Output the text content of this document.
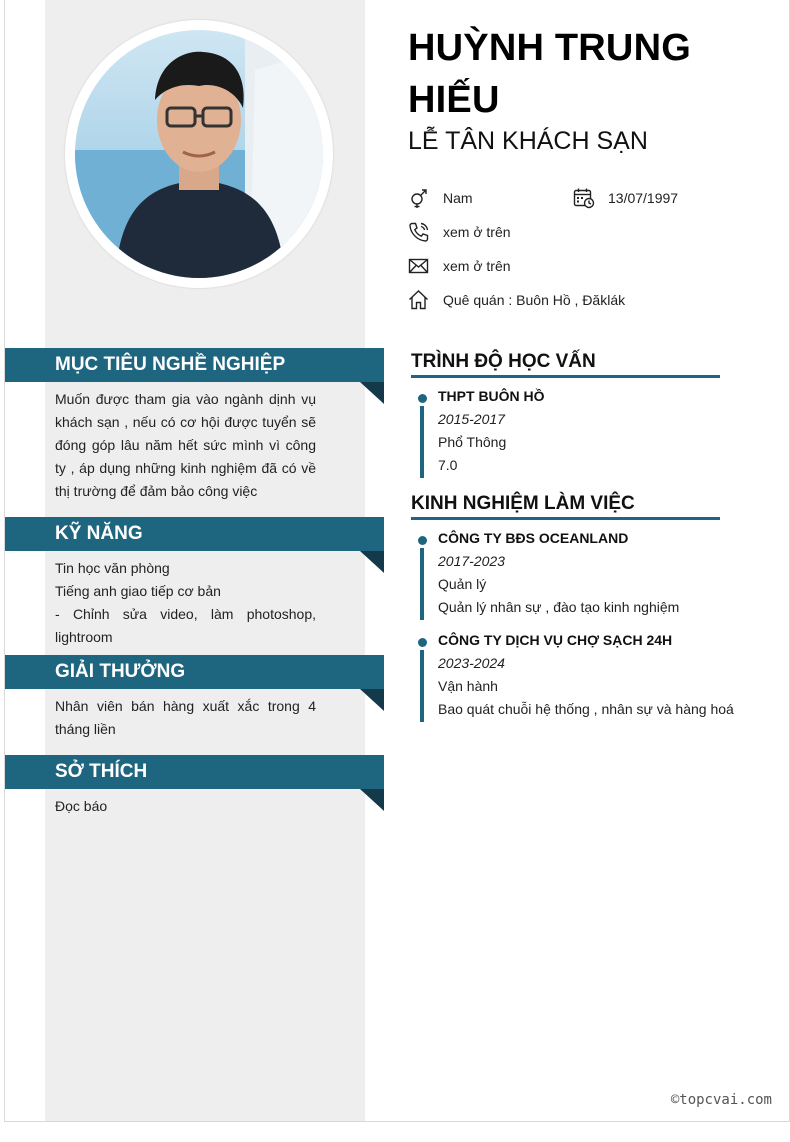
HUỲNH TRUNG HIẾU
LỄ TÂN KHÁCH SẠN
Nam	13/07/1997
xem ở trên
xem ở trên
Quê quán : Buôn Hồ , Đăklák
MỤC TIÊU NGHỀ NGHIỆP
Muốn được tham gia vào ngành dịnh vụ khách sạn , nếu có cơ hội được tuyển sẽ đóng góp lâu năm hết sức mình vì công ty , áp dụng những kinh nghiệm đã có về thị trường để đảm bảo công việc
KỸ NĂNG
Tin học văn phòng
Tiếng anh giao tiếp cơ bản
- Chỉnh sửa video, làm photoshop, lightroom
GIẢI THƯỞNG
Nhân viên bán hàng xuất xắc trong 4 tháng liền
SỞ THÍCH
Đọc báo
TRÌNH ĐỘ HỌC VẤN
THPT BUÔN HỒ
2015-2017
Phổ Thông
7.0
KINH NGHIỆM LÀM VIỆC
CÔNG TY BĐS OCEANLAND
2017-2023
Quản lý
Quản lý nhân sự , đào tạo kinh nghiệm
CÔNG TY DỊCH VỤ CHỢ SẠCH 24H
2023-2024
Vận hành
Bao quát chuỗi hệ thống , nhân sự và hàng hoá
©topcvai.com
